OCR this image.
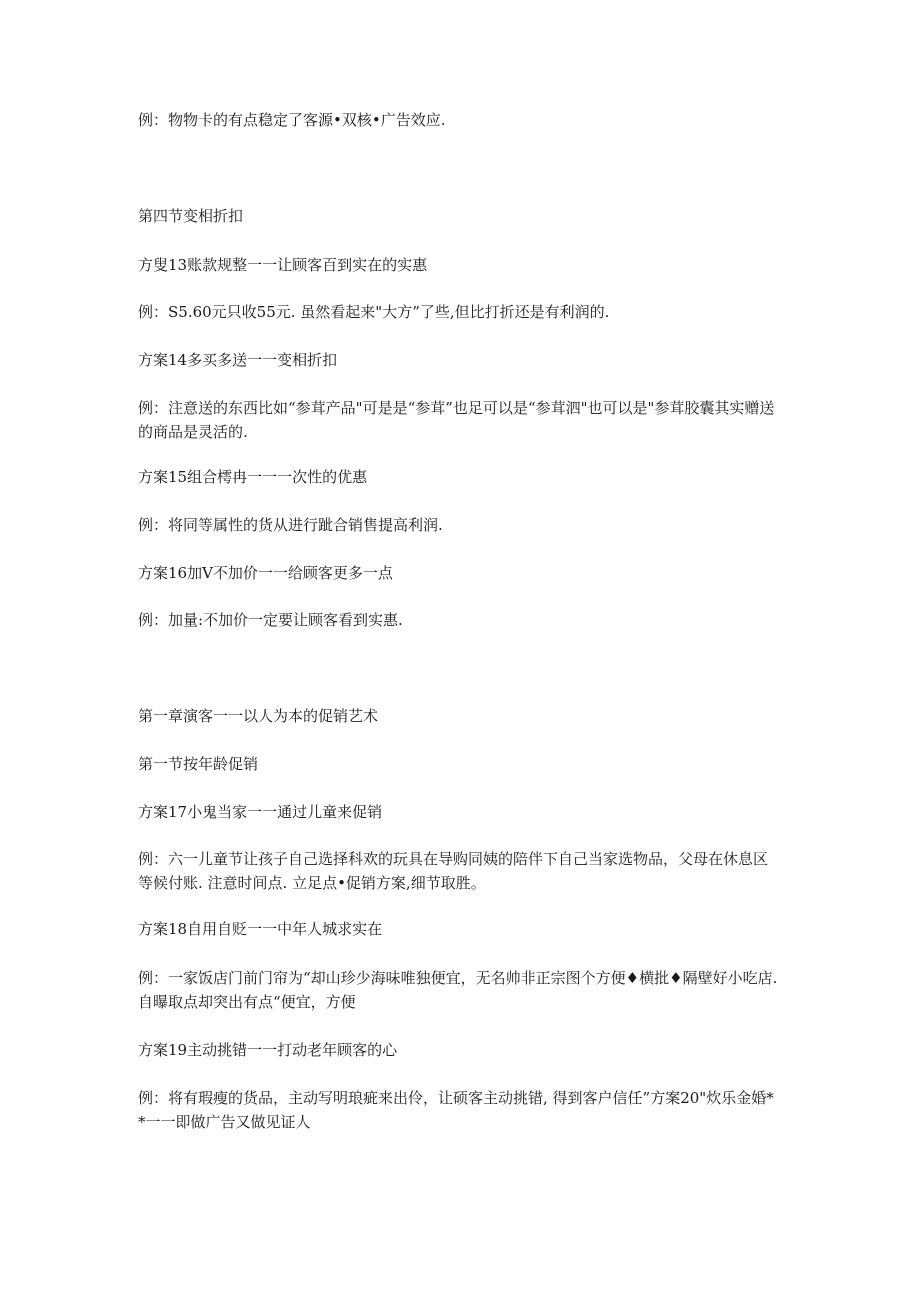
例：物物卡的有点稳定了客源•双核•广告效应.
第四节变相折扣
方叟13账款规整一一让顾客百到实在的实惠
例：S5.60元只收55元. 虽然看起来"大方”了些,但比打折还是有利润的.
方案14多买多送一一变相折扣
例：注意送的东西比如“参茸产品"可是是“参茸”也足可以是“参茸泗"也可以是"参茸胶囊其实赠送的商品是灵活的.
方案15组合樗冉一一一次性的优惠
例：将同等属性的货从进行跐合销售提高利润.
方案16加V不加价一一给顾客更多一点
例：加量:不加价一定要让顾客看到实惠.
第一章演客一一以人为本的促销艺术
第一节按年龄促销
方案17小鬼当家一一通过儿童来促销
例：六一儿童节让孩子自己选择科欢的玩具在导购同姨的陪伴下自己当家选物品，父母在休息区等候付账. 注意时间点. 立足点•促销方案,细节取胜。
方案18自用自贬一一中年人城求实在
例：一家饭店门前门帘为“却山珍少海味唯独便宜，无名帅非正宗图个方便♦横批♦隔壁好小吃店. 自曝取点却突出有点“便宜，方便
方案19主动挑错一一打动老年顾客的心
例：将有瑕瘦的货品，主动写明琅疵来出伶，让硕客主动挑错, 得到客户信任”方案20"炊乐金婚**一一即做广告又做见证人
